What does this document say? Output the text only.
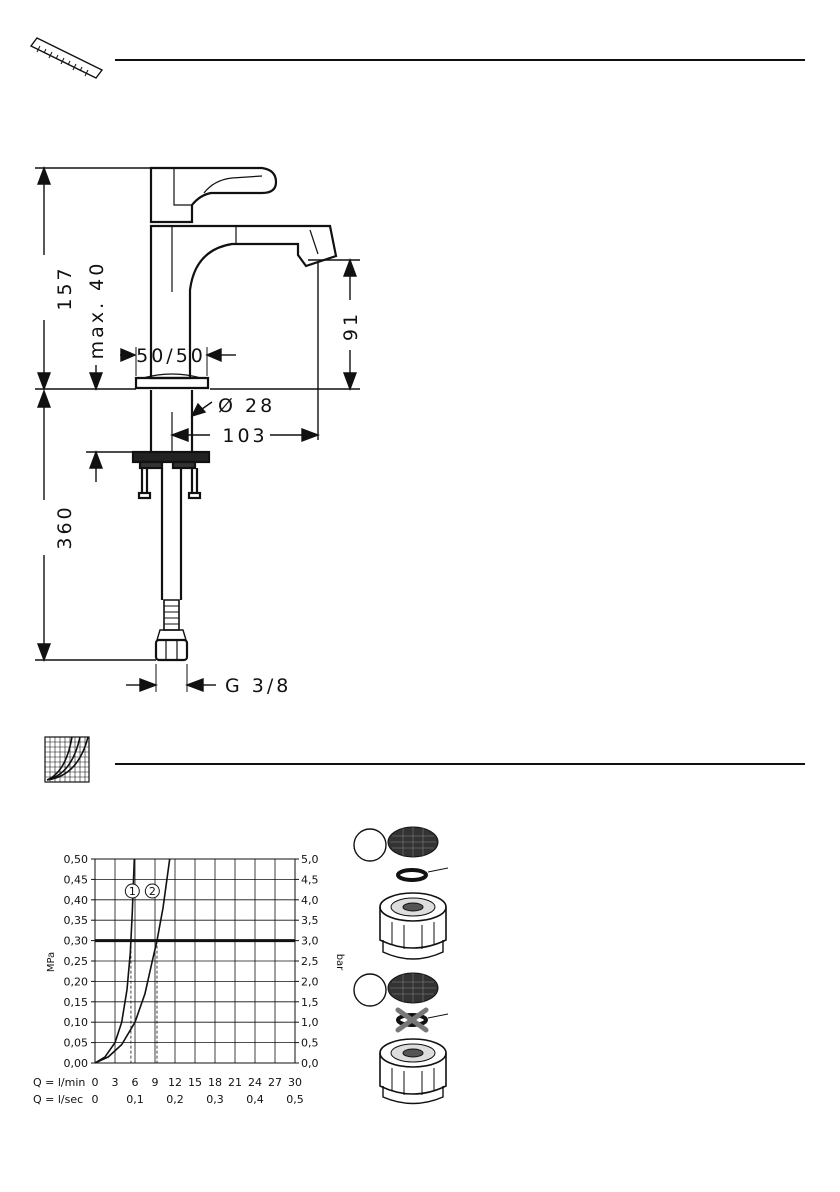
157 max. 40 50/50
Ø 28
91
103
360
G 3/8
0,00	0,0
0,05	0,5
0,10	1,0
0,15	1,5
0,20	2,0
0,25	2,5
0,30	3,0
0,35	3,5
0,40	4,0
0,45	4,5
0,50	5,0
0 3 6 9 12 15 18 21 24 27 30
0	0,1 0,2 0,3 0,4 0,5
1 2
MPa	bar
Q = l/min
Q = l/sec
